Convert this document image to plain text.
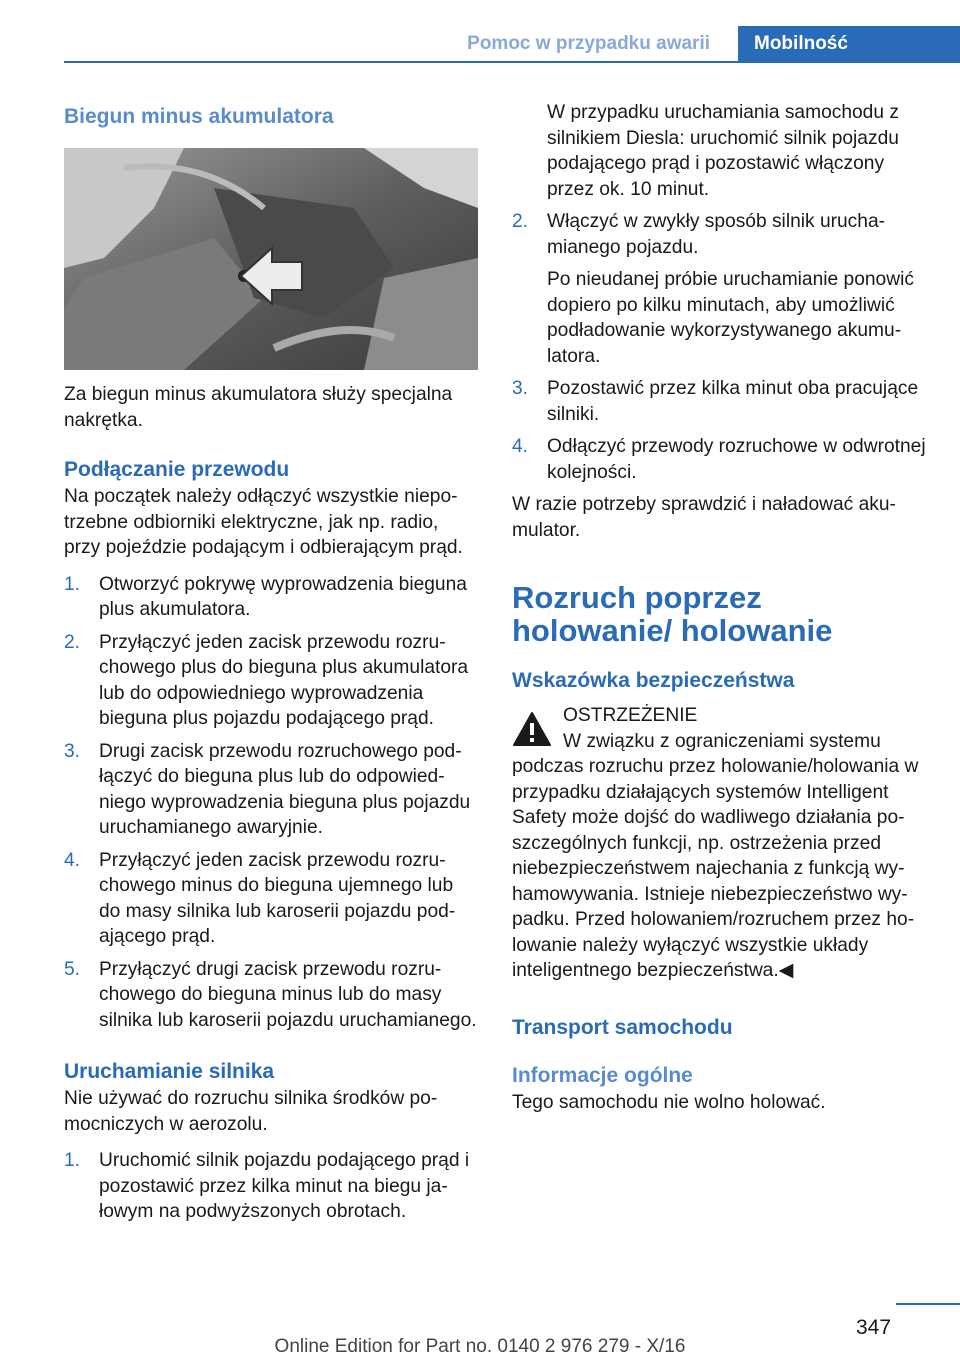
Pomoc w przypadku awarii	Mobilność
Biegun minus akumulatora

Za biegun minus akumulatora służy specjalna nakrętka.

Podłączanie przewodu

Na początek należy odłączyć wszystkie niepotrzebne odbiorniki elektryczne, jak np. radio, przy pojeździe podającym i odbierającym prąd.

1. Otworzyć pokrywę wyprowadzenia bieguna plus akumulatora.
2. Przyłączyć jeden zacisk przewodu rozruchowego plus do bieguna plus akumulatora lub do odpowiedniego wyprowadzenia bieguna plus pojazdu podającego prąd.
3. Drugi zacisk przewodu rozruchowego podłączyć do bieguna plus lub do odpowiedniego wyprowadzenia bieguna plus pojazdu uruchamianego awaryjnie.
4. Przyłączyć jeden zacisk przewodu rozruchowego minus do bieguna ujemnego lub do masy silnika lub karoserii pojazdu podającego prąd.
5. Przyłączyć drugi zacisk przewodu rozruchowego do bieguna minus lub do masy silnika lub karoserii pojazdu uruchamianego.
Uruchamianie silnika

Nie używać do rozruchu silnika środków pomocniczych w aerozolu.

1. Uruchomić silnik pojazdu podającego prąd i pozostawić przez kilka minut na biegu jałowym na podwyższonych obrotach.

W przypadku uruchamiania samochodu z silnikiem Diesla: uruchomić silnik pojazdu podającego prąd i pozostawić włączony przez ok. 10 minut.

2. Włączyć w zwykły sposób silnik uruchamianego pojazdu.

Po nieudanej próbie uruchamianie ponowić dopiero po kilku minutach, aby umożliwić podładowanie wykorzystywanego akumulatora.

3. Pozostawić przez kilka minut oba pracujące silniki.
4. Odłączyć przewody rozruchowe w odwrotnej kolejności.

W razie potrzeby sprawdzić i naładować akumulator.

Rozruch poprzez holowanie/ holowanie
Wskazówka bezpieczeństwa
OSTRZEŻENIE

W związku z ograniczeniami systemu podczas rozruchu przez holowanie/holowania w przypadku działających systemów Intelligent Safety może dojść do wadliwego działania poszczególnych funkcji, np. ostrzeżenia przed niebezpieczeństwem najechania z funkcją wyhamowywania. Istnieje niebezpieczeństwo wypadku. Przed holowaniem/rozruchem przez holowanie należy wyłączyć wszystkie układy inteligentnego bezpieczeństwa.◀

Transport samochodu
Informacje ogólne

Tego samochodu nie wolno holować.

347
Online Edition for Part no. 0140 2 976 279 - X/16
